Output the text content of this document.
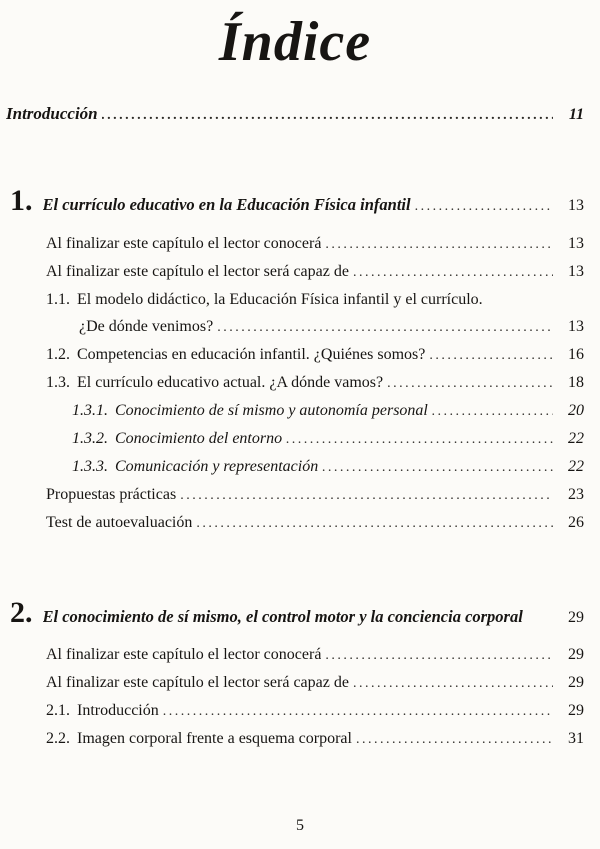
Índice
Introducción .....	11
1. El currículo educativo en la Educación Física infantil .....	13
Al finalizar este capítulo el lector conocerá .....	13
Al finalizar este capítulo el lector será capaz de .....	13
1.1. El modelo didáctico, la Educación Física infantil y el currículo.
¿De dónde venimos? .....	13
1.2. Competencias en educación infantil. ¿Quiénes somos? .....	16
1.3. El currículo educativo actual. ¿A dónde vamos? .....	18
1.3.1. Conocimiento de sí mismo y autonomía personal .....	20
1.3.2. Conocimiento del entorno .....	22
1.3.3. Comunicación y representación .....	22
Propuestas prácticas .....	23
Test de autoevaluación .....	26
2. El conocimiento de sí mismo, el control motor y la conciencia corporal	29
Al finalizar este capítulo el lector conocerá .....	29
Al finalizar este capítulo el lector será capaz de .....	29
2.1. Introducción .....	29
2.2. Imagen corporal frente a esquema corporal .....	31
5
